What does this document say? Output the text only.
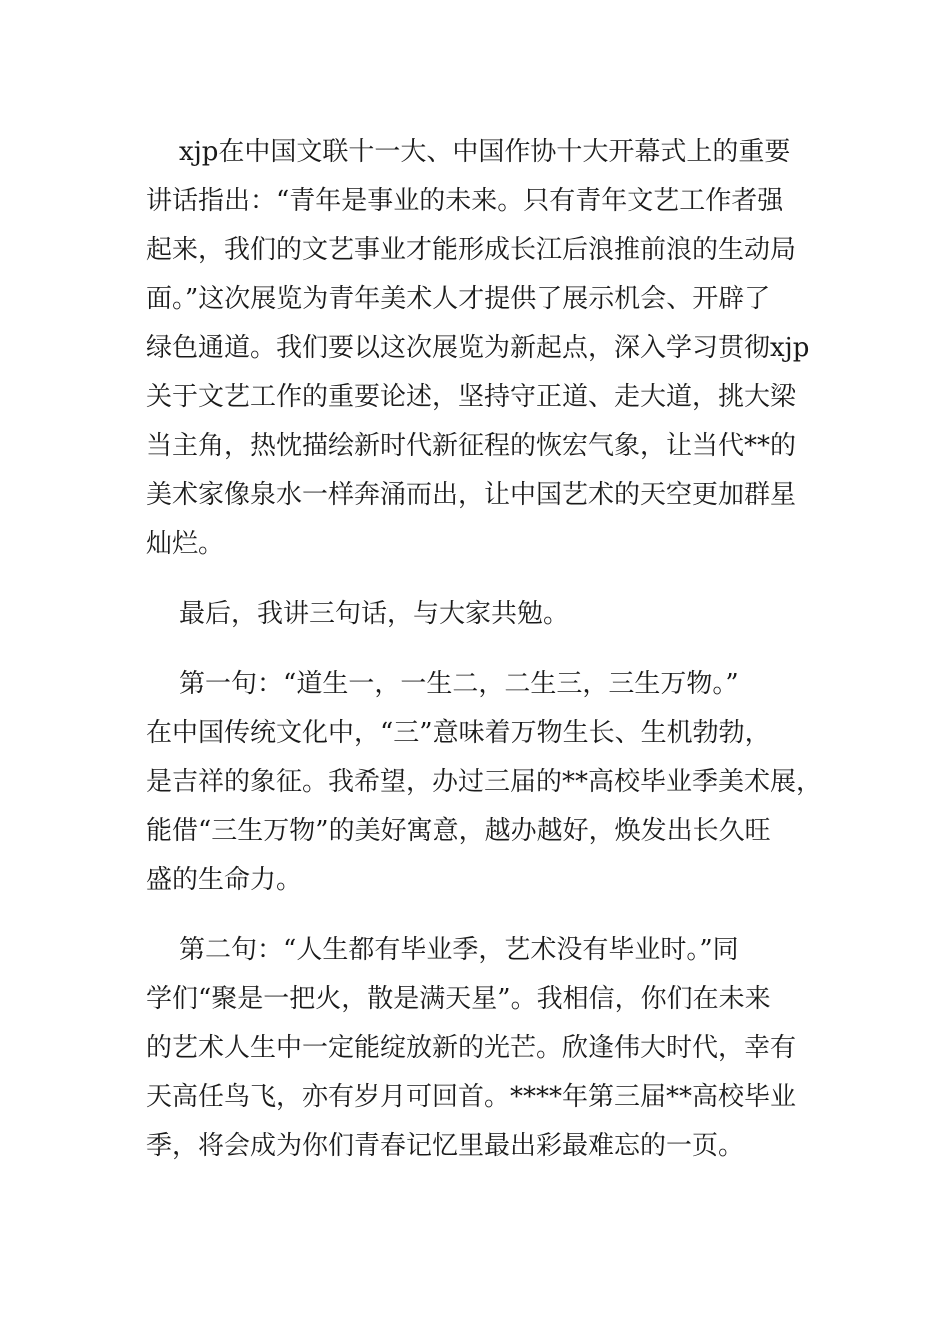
xjp在中国文联十一大、中国作协十大开幕式上的重要
讲话指出：“青年是事业的未来。只有青年文艺工作者强
起来，我们的文艺事业才能形成长江后浪推前浪的生动局
面。”这次展览为青年美术人才提供了展示机会、开辟了
绿色通道。我们要以这次展览为新起点，深入学习贯彻xjp
关于文艺工作的重要论述，坚持守正道、走大道，挑大梁
当主角，热忱描绘新时代新征程的恢宏气象，让当代**的
美术家像泉水一样奔涌而出，让中国艺术的天空更加群星
灿烂。
最后，我讲三句话，与大家共勉。
第一句：“道生一，一生二，二生三，三生万物。”
在中国传统文化中，“三”意味着万物生长、生机勃勃，
是吉祥的象征。我希望，办过三届的**高校毕业季美术展，
能借“三生万物”的美好寓意，越办越好，焕发出长久旺
盛的生命力。
第二句：“人生都有毕业季，艺术没有毕业时。”同
学们“聚是一把火，散是满天星”。我相信，你们在未来
的艺术人生中一定能绽放新的光芒。欣逢伟大时代，幸有
天高任鸟飞，亦有岁月可回首。****年第三届**高校毕业
季，将会成为你们青春记忆里最出彩最难忘的一页。
